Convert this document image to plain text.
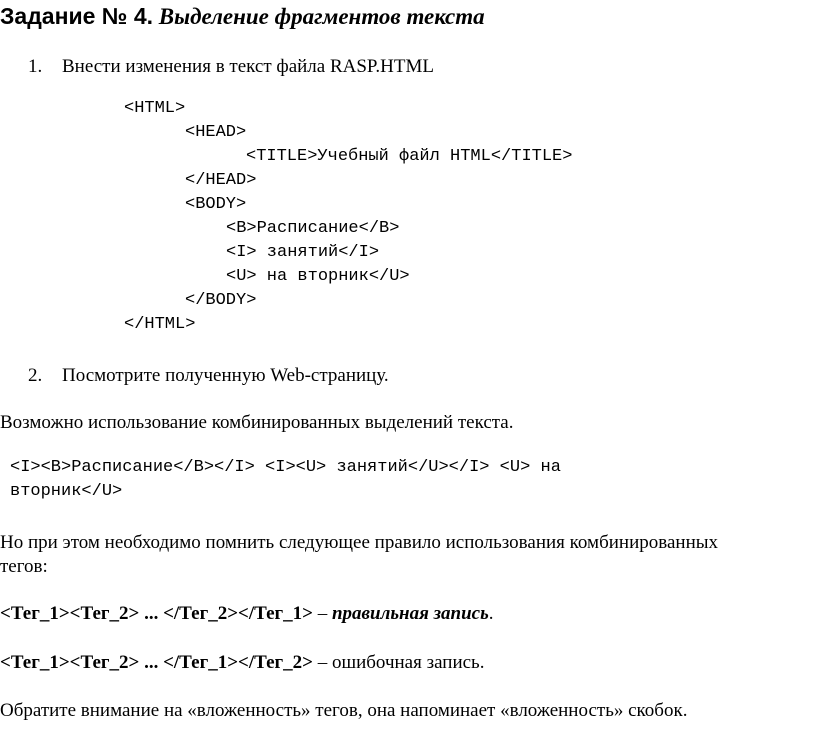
Задание № 4. Выделение фрагментов текста
1. Внести изменения в текст файла RASP.HTML
<HTML>
<HEAD>
<TITLE>Учебный файл HTML</TITLE>
</HEAD>
<BODY>
<B>Расписание</B>
<I> занятий</I>
<U> на вторник</U>
</BODY>
</HTML>
2. Посмотрите полученную Web-страницу.
Возможно использование комбинированных выделений текста.
<I><B>Расписание</B></I> <I><U> занятий</U></I> <U> на
вторник</U>
Но при этом необходимо помнить следующее правило использования комбинированных
тегов:
<Тег_1><Тег_2> ... </Тег_2></Тег_1> – правильная запись.
<Тег_1><Тег_2> ... </Тег_1></Тег_2> – ошибочная запись.
Обратите внимание на «вложенность» тегов, она напоминает «вложенность» скобок.
